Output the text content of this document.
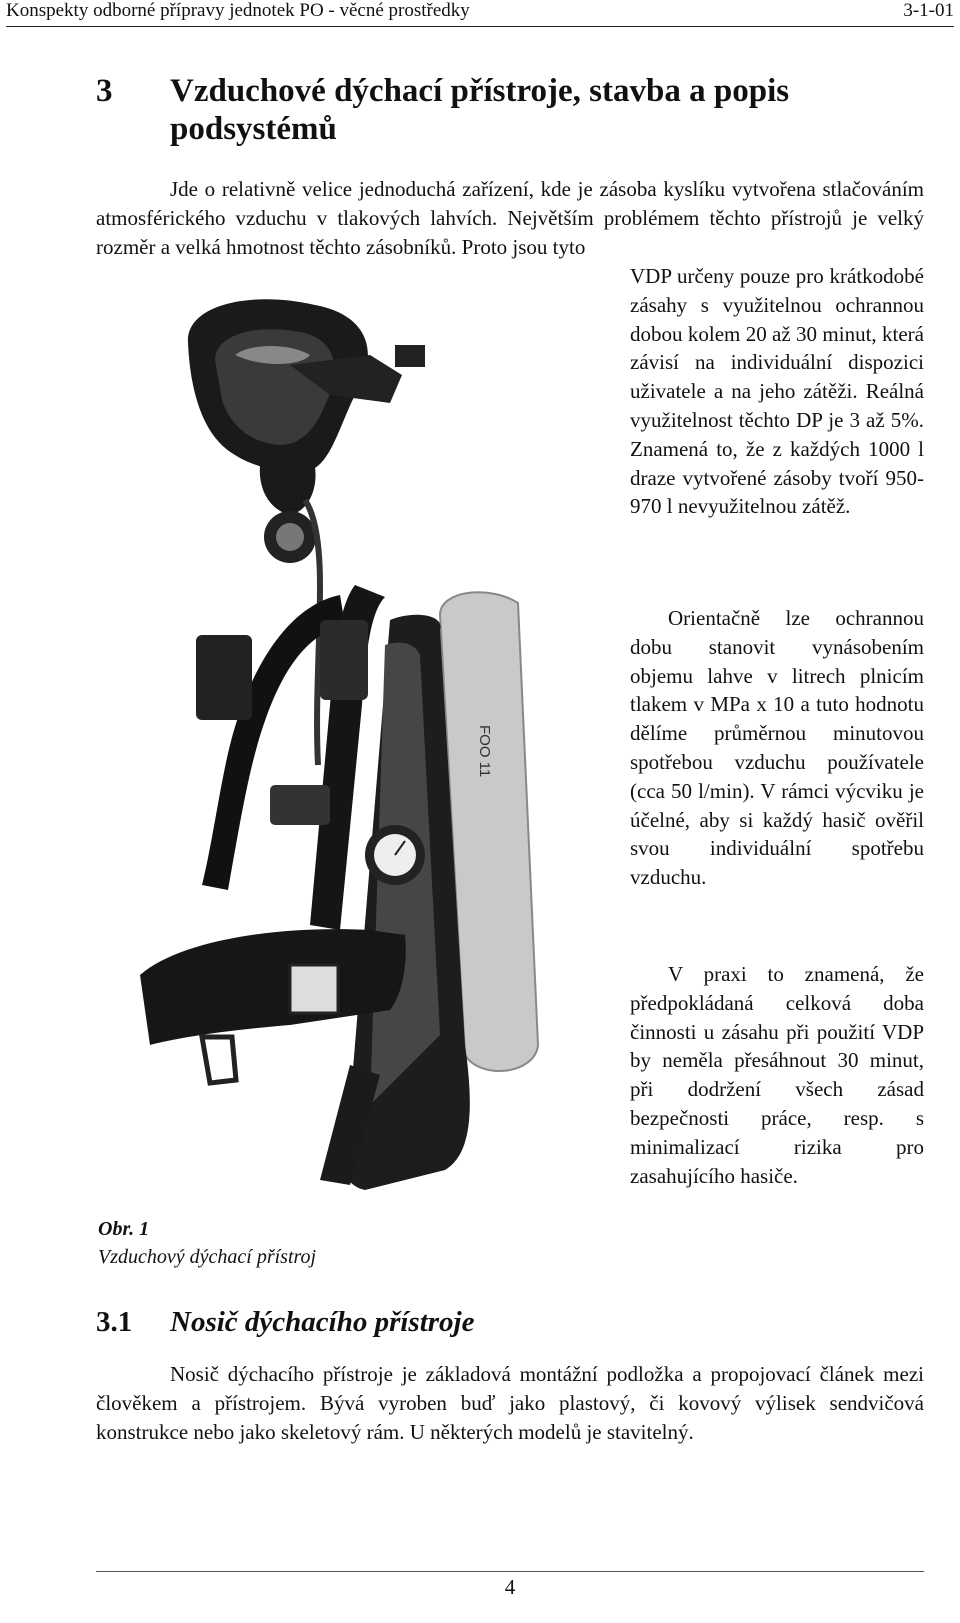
Konspekty odborné přípravy jednotek PO - věcné prostředky	3-1-01
3 Vzduchové dýchací přístroje, stavba a popis podsystémů
Jde o relativně velice jednoduchá zařízení, kde je zásoba kyslíku vytvořena stlačováním atmosférického vzduchu v tlakových lahvích. Největším problémem těchto přístrojů je velký rozměr a velká hmotnost těchto zásobníků. Proto jsou tyto
VDP určeny pouze pro krátkodobé zásahy s využitelnou ochrannou dobou kolem 20 až 30 minut, která závisí na individuální dispozici uživatele a na jeho zátěži. Reálná využitelnost těchto DP je 3 až 5%. Znamená to, že z každých 1000 l draze vytvořené zásoby tvoří 950-970 l nevyužitelnou zátěž.
Orientačně lze ochrannou dobu stanovit vynásobením objemu lahve v litrech plnicím tlakem v MPa x 10 a tuto hodnotu dělíme průměrnou minutovou spotřebou vzduchu používatele (cca 50 l/min). V rámci výcviku je účelné, aby si každý hasič ověřil svou individuální spotřebu vzduchu.
V praxi to znamená, že předpokládaná celková doba činnosti u zásahu při použití VDP by neměla přesáhnout 30 minut, při dodržení všech zásad bezpečnosti práce, resp. s minimalizací rizika pro zasahujícího hasiče.
FOO 11
Obr. 1
Vzduchový dýchací přístroj
3.1 Nosič dýchacího přístroje
Nosič dýchacího přístroje je základová montážní podložka a propojovací článek mezi člověkem a přístrojem. Bývá vyroben buď jako plastový, či kovový výlisek sendvičová konstrukce nebo jako skeletový rám. U některých modelů je stavitelný.
4
